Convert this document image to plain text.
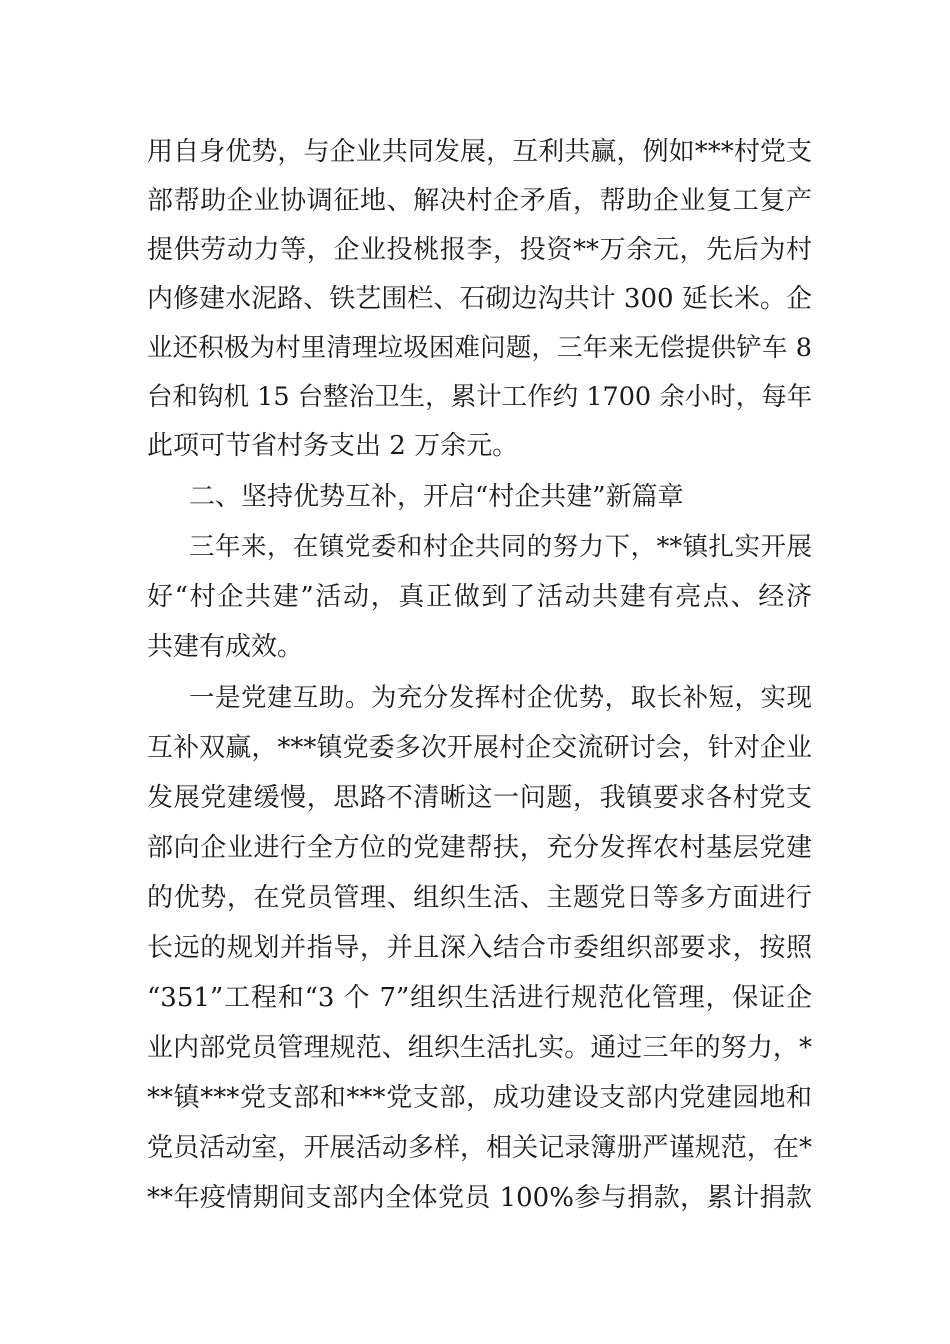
用自身优势，与企业共同发展，互利共赢，例如***村党支
部帮助企业协调征地、解决村企矛盾，帮助企业复工复产
提供劳动力等，企业投桃报李，投资**万余元，先后为村
内修建水泥路、铁艺围栏、石砌边沟共计 300 延长米。企
业还积极为村里清理垃圾困难问题，三年来无偿提供铲车 8
台和钩机 15 台整治卫生，累计工作约 1700 余小时，每年
此项可节省村务支出 2 万余元。
二、坚持优势互补，开启“村企共建”新篇章
三年来，在镇党委和村企共同的努力下，**镇扎实开展
好“村企共建”活动，真正做到了活动共建有亮点、经济
共建有成效。
一是党建互助。为充分发挥村企优势，取长补短，实现
互补双赢，***镇党委多次开展村企交流研讨会，针对企业
发展党建缓慢，思路不清晰这一问题，我镇要求各村党支
部向企业进行全方位的党建帮扶，充分发挥农村基层党建
的优势，在党员管理、组织生活、主题党日等多方面进行
长远的规划并指导，并且深入结合市委组织部要求，按照
“351”工程和“3 个 7”组织生活进行规范化管理，保证企
业内部党员管理规范、组织生活扎实。通过三年的努力，*
**镇***党支部和***党支部，成功建设支部内党建园地和
党员活动室，开展活动多样，相关记录簿册严谨规范，在*
**年疫情期间支部内全体党员 100%参与捐款，累计捐款
